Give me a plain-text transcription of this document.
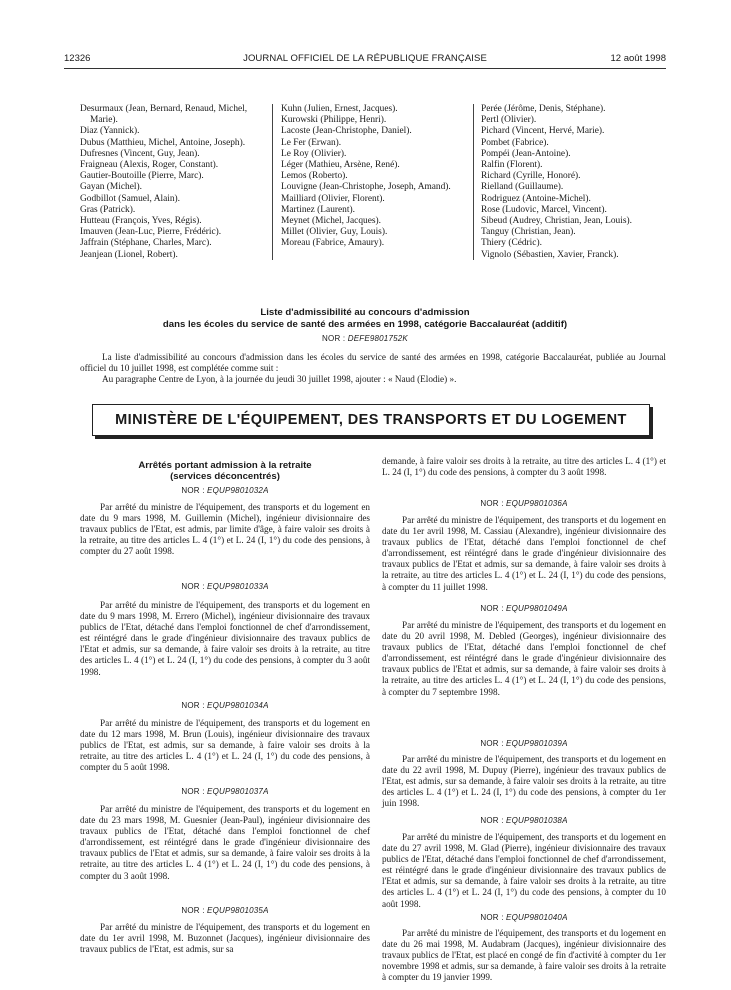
12326	JOURNAL OFFICIEL DE LA RÉPUBLIQUE FRANÇAISE	12 août 1998
Desurmaux (Jean, Bernard, Renaud, Michel, Marie).
Diaz (Yannick).
Dubus (Matthieu, Michel, Antoine, Joseph).
Dufresnes (Vincent, Guy, Jean).
Fraigneau (Alexis, Roger, Constant).
Gautier-Boutoille (Pierre, Marc).
Gayan (Michel).
Godbillot (Samuel, Alain).
Gras (Patrick).
Hutteau (François, Yves, Régis).
Imauven (Jean-Luc, Pierre, Frédéric).
Jaffrain (Stéphane, Charles, Marc).
Jeanjean (Lionel, Robert).
Kuhn (Julien, Ernest, Jacques).
Kurowski (Philippe, Henri).
Lacoste (Jean-Christophe, Daniel).
Le Fer (Erwan).
Le Roy (Olivier).
Léger (Mathieu, Arsène, René).
Lemos (Roberto).
Louvigne (Jean-Christophe, Joseph, Amand).
Mailliard (Olivier, Florent).
Martinez (Laurent).
Meynet (Michel, Jacques).
Millet (Olivier, Guy, Louis).
Moreau (Fabrice, Amaury).
Perée (Jérôme, Denis, Stéphane).
Pertl (Olivier).
Pichard (Vincent, Hervé, Marie).
Pombet (Fabrice).
Pompéi (Jean-Antoine).
Ralfin (Florent).
Richard (Cyrille, Honoré).
Rielland (Guillaume).
Rodriguez (Antoine-Michel).
Rose (Ludovic, Marcel, Vincent).
Sibeud (Audrey, Christian, Jean, Louis).
Tanguy (Christian, Jean).
Thiery (Cédric).
Vignolo (Sébastien, Xavier, Franck).
Liste d'admissibilité au concours d'admission
dans les écoles du service de santé des armées en 1998, catégorie Baccalauréat (additif)
NOR : DEFE9801752K

La liste d'admissibilité au concours d'admission dans les écoles du service de santé des armées en 1998, catégorie Baccalauréat, publiée au Journal officiel du 10 juillet 1998, est complétée comme suit :

Au paragraphe Centre de Lyon, à la journée du jeudi 30 juillet 1998, ajouter : « Naud (Elodie) ».

MINISTÈRE DE L'ÉQUIPEMENT, DES TRANSPORTS ET DU LOGEMENT
Arrêtés portant admission à la retraite
(services déconcentrés)
NOR : EQUP9801032A

Par arrêté du ministre de l'équipement, des transports et du logement en date du 9 mars 1998, M. Guillemin (Michel), ingénieur divisionnaire des travaux publics de l'Etat, est admis, par limite d'âge, à faire valoir ses droits à la retraite, au titre des articles L. 4 (1°) et L. 24 (I, 1°) du code des pensions, à compter du 27 août 1998.

NOR : EQUP9801033A

Par arrêté du ministre de l'équipement, des transports et du logement en date du 9 mars 1998, M. Errero (Michel), ingénieur divisionnaire des travaux publics de l'Etat, détaché dans l'emploi fonctionnel de chef d'arrondissement, est réintégré dans le grade d'ingénieur divisionnaire des travaux publics de l'Etat et admis, sur sa demande, à faire valoir ses droits à la retraite, au titre des articles L. 4 (1°) et L. 24 (I, 1°) du code des pensions, à compter du 3 août 1998.

NOR : EQUP9801034A

Par arrêté du ministre de l'équipement, des transports et du logement en date du 12 mars 1998, M. Brun (Louis), ingénieur divisionnaire des travaux publics de l'Etat, est admis, sur sa demande, à faire valoir ses droits à la retraite, au titre des articles L. 4 (1°) et L. 24 (I, 1°) du code des pensions, à compter du 5 août 1998.

NOR : EQUP9801037A

Par arrêté du ministre de l'équipement, des transports et du logement en date du 23 mars 1998, M. Guesnier (Jean-Paul), ingénieur divisionnaire des travaux publics de l'Etat, détaché dans l'emploi fonctionnel de chef d'arrondissement, est réintégré dans le grade d'ingénieur divisionnaire des travaux publics de l'Etat et admis, sur sa demande, à faire valoir ses droits à la retraite, au titre des articles L. 4 (1°) et L. 24 (I, 1°) du code des pensions, à compter du 3 août 1998.

NOR : EQUP9801035A

Par arrêté du ministre de l'équipement, des transports et du logement en date du 1er avril 1998, M. Buzonnet (Jacques), ingénieur divisionnaire des travaux publics de l'Etat, est admis, sur sa

demande, à faire valoir ses droits à la retraite, au titre des articles L. 4 (1°) et L. 24 (I, 1°) du code des pensions, à compter du 3 août 1998.

NOR : EQUP9801036A

Par arrêté du ministre de l'équipement, des transports et du logement en date du 1er avril 1998, M. Cassiau (Alexandre), ingénieur divisionnaire des travaux publics de l'Etat, détaché dans l'emploi fonctionnel de chef d'arrondissement, est réintégré dans le grade d'ingénieur divisionnaire des travaux publics de l'Etat et admis, sur sa demande, à faire valoir ses droits à la retraite, au titre des articles L. 4 (1°) et L. 24 (I, 1°) du code des pensions, à compter du 11 juillet 1998.

NOR : EQUP9801049A

Par arrêté du ministre de l'équipement, des transports et du logement en date du 20 avril 1998, M. Debled (Georges), ingénieur divisionnaire des travaux publics de l'Etat, détaché dans l'emploi fonctionnel de chef d'arrondissement, est réintégré dans le grade d'ingénieur divisionnaire des travaux publics de l'Etat et admis, sur sa demande, à faire valoir ses droits à la retraite, au titre des articles L. 4 (1°) et L. 24 (I, 1°) du code des pensions, à compter du 7 septembre 1998.

NOR : EQUP9801039A

Par arrêté du ministre de l'équipement, des transports et du logement en date du 22 avril 1998, M. Dupuy (Pierre), ingénieur des travaux publics de l'Etat, est admis, sur sa demande, à faire valoir ses droits à la retraite, au titre des articles L. 4 (1°) et L. 24 (I, 1°) du code des pensions, à compter du 1er juin 1998.

NOR : EQUP9801038A

Par arrêté du ministre de l'équipement, des transports et du logement en date du 27 avril 1998, M. Glad (Pierre), ingénieur divisionnaire des travaux publics de l'Etat, détaché dans l'emploi fonctionnel de chef d'arrondissement, est réintégré dans le grade d'ingénieur divisionnaire des travaux publics de l'Etat et admis, sur sa demande, à faire valoir ses droits à la retraite, au titre des articles L. 4 (1°) et L. 24 (I, 1°) du code des pensions, à compter du 10 août 1998.

NOR : EQUP9801040A

Par arrêté du ministre de l'équipement, des transports et du logement en date du 26 mai 1998, M. Audabram (Jacques), ingénieur divisionnaire des travaux publics de l'Etat, est placé en congé de fin d'activité à compter du 1er novembre 1998 et admis, sur sa demande, à faire valoir ses droits à la retraite à compter du 19 janvier 1999.
